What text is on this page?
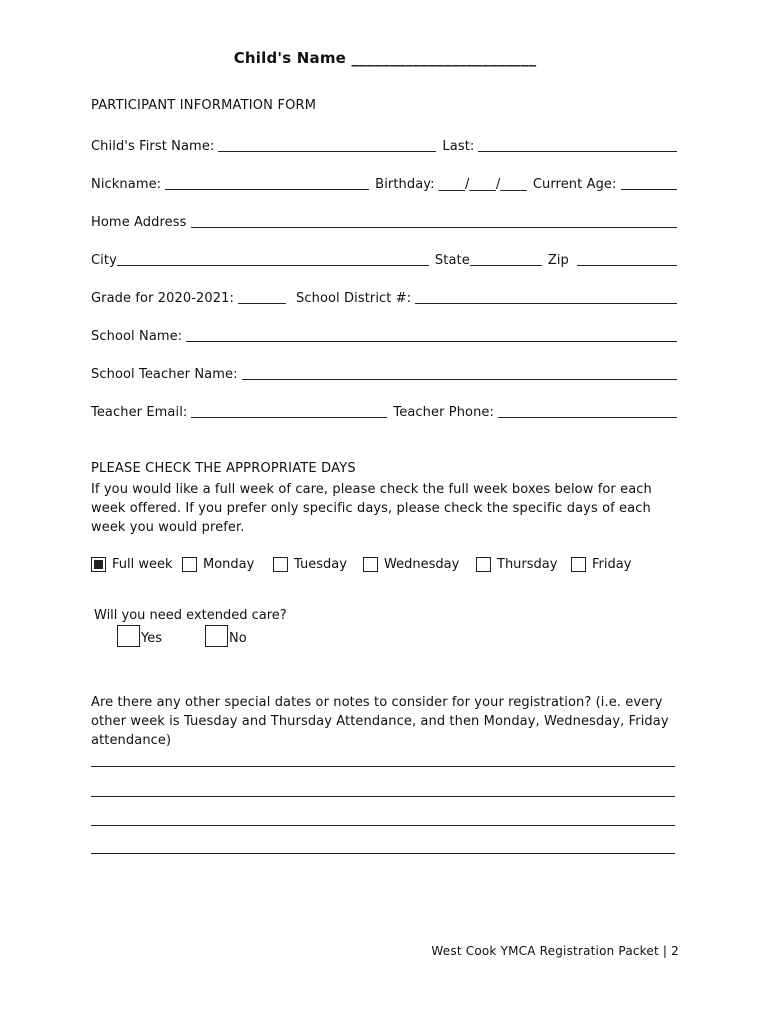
Child's Name ________________________
PARTICIPANT INFORMATION FORM
Child's First Name:	Last:
Nickname:	Birthday: ____/____/____ Current Age:
Home Address
City	State	Zip
Grade for 2020-2021:	School District #:
School Name:
School Teacher Name:
Teacher Email:	Teacher Phone:
PLEASE CHECK THE APPROPRIATE DAYS
If you would like a full week of care, please check the full week boxes below for each week offered. If you prefer only specific days, please check the specific days of each week you would prefer.
Full week Monday	Tuesday	Wednesday	Thursday	Friday
Will you need extended care?
Yes	No
Are there any other special dates or notes to consider for your registration? (i.e. every other week is Tuesday and Thursday Attendance, and then Monday, Wednesday, Friday attendance)
West Cook YMCA Registration Packet | 2
